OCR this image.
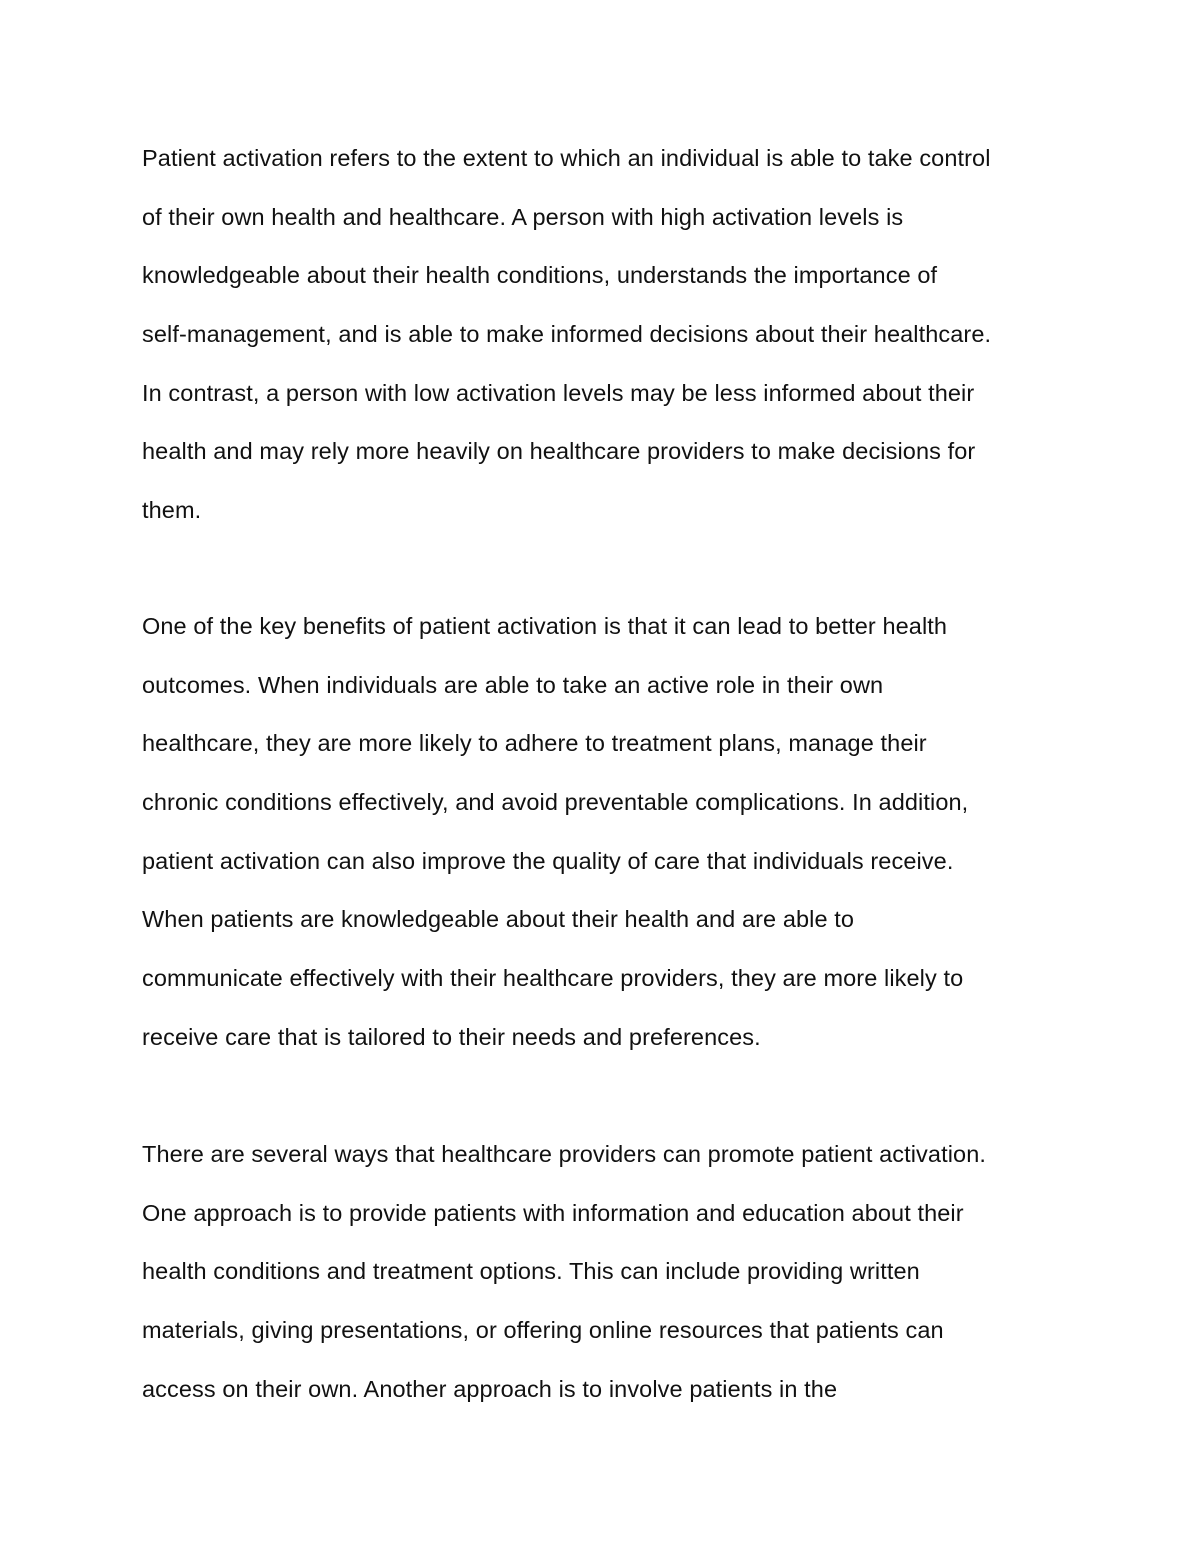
Patient activation refers to the extent to which an individual is able to take control
of their own health and healthcare. A person with high activation levels is
knowledgeable about their health conditions, understands the importance of
self-management, and is able to make informed decisions about their healthcare.
In contrast, a person with low activation levels may be less informed about their
health and may rely more heavily on healthcare providers to make decisions for
them.
One of the key benefits of patient activation is that it can lead to better health
outcomes. When individuals are able to take an active role in their own
healthcare, they are more likely to adhere to treatment plans, manage their
chronic conditions effectively, and avoid preventable complications. In addition,
patient activation can also improve the quality of care that individuals receive.
When patients are knowledgeable about their health and are able to
communicate effectively with their healthcare providers, they are more likely to
receive care that is tailored to their needs and preferences.
There are several ways that healthcare providers can promote patient activation.
One approach is to provide patients with information and education about their
health conditions and treatment options. This can include providing written
materials, giving presentations, or offering online resources that patients can
access on their own. Another approach is to involve patients in the
